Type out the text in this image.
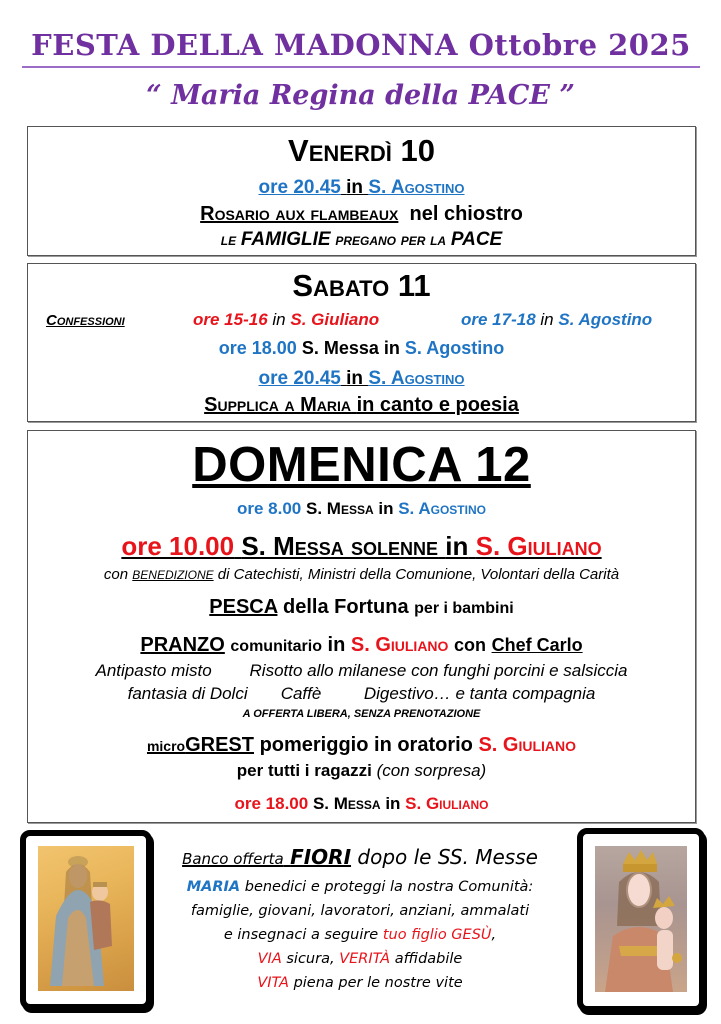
FESTA DELLA MADONNA Ottobre 2025
“ Maria Regina della PACE ”
Venerdì 10
ore 20.45 in S. Agostino
Rosario aux flambeaux nel chiostro
le FAMIGLIE pregano per la PACE
Sabato 11
Confessioni	ore 15-16 in S. Giuliano	ore 17-18 in S. Agostino
ore 18.00 S. Messa in S. Agostino
ore 20.45 in S. Agostino
Supplica a Maria in canto e poesia
DOMENICA 12
ore 8.00 S. Messa in S. Agostino
ore 10.00 S. Messa solenne in S. Giuliano
con BENEDIZIONE di Catechisti, Ministri della Comunione, Volontari della Carità
PESCA della Fortuna per i bambini
PRANZO comunitario in S. Giuliano con Chef Carlo
Antipasto misto Risotto allo milanese con funghi porcini e salsiccia
fantasia di Dolci Caffè	Digestivo… e tanta compagnia
A OFFERTA LIBERA, SENZA PRENOTAZIONE
microGREST pomeriggio in oratorio S. Giuliano
per tutti i ragazzi (con sorpresa)
ore 18.00 S. Messa in S. Giuliano
Banco offerta FIORI dopo le SS. Messe
MARIA benedici e proteggi la nostra Comunità:
famiglie, giovani, lavoratori, anziani, ammalati
e insegnaci a seguire tuo figlio GESÙ,
VIA sicura, VERITÀ affidabile
VITA piena per le nostre vite
